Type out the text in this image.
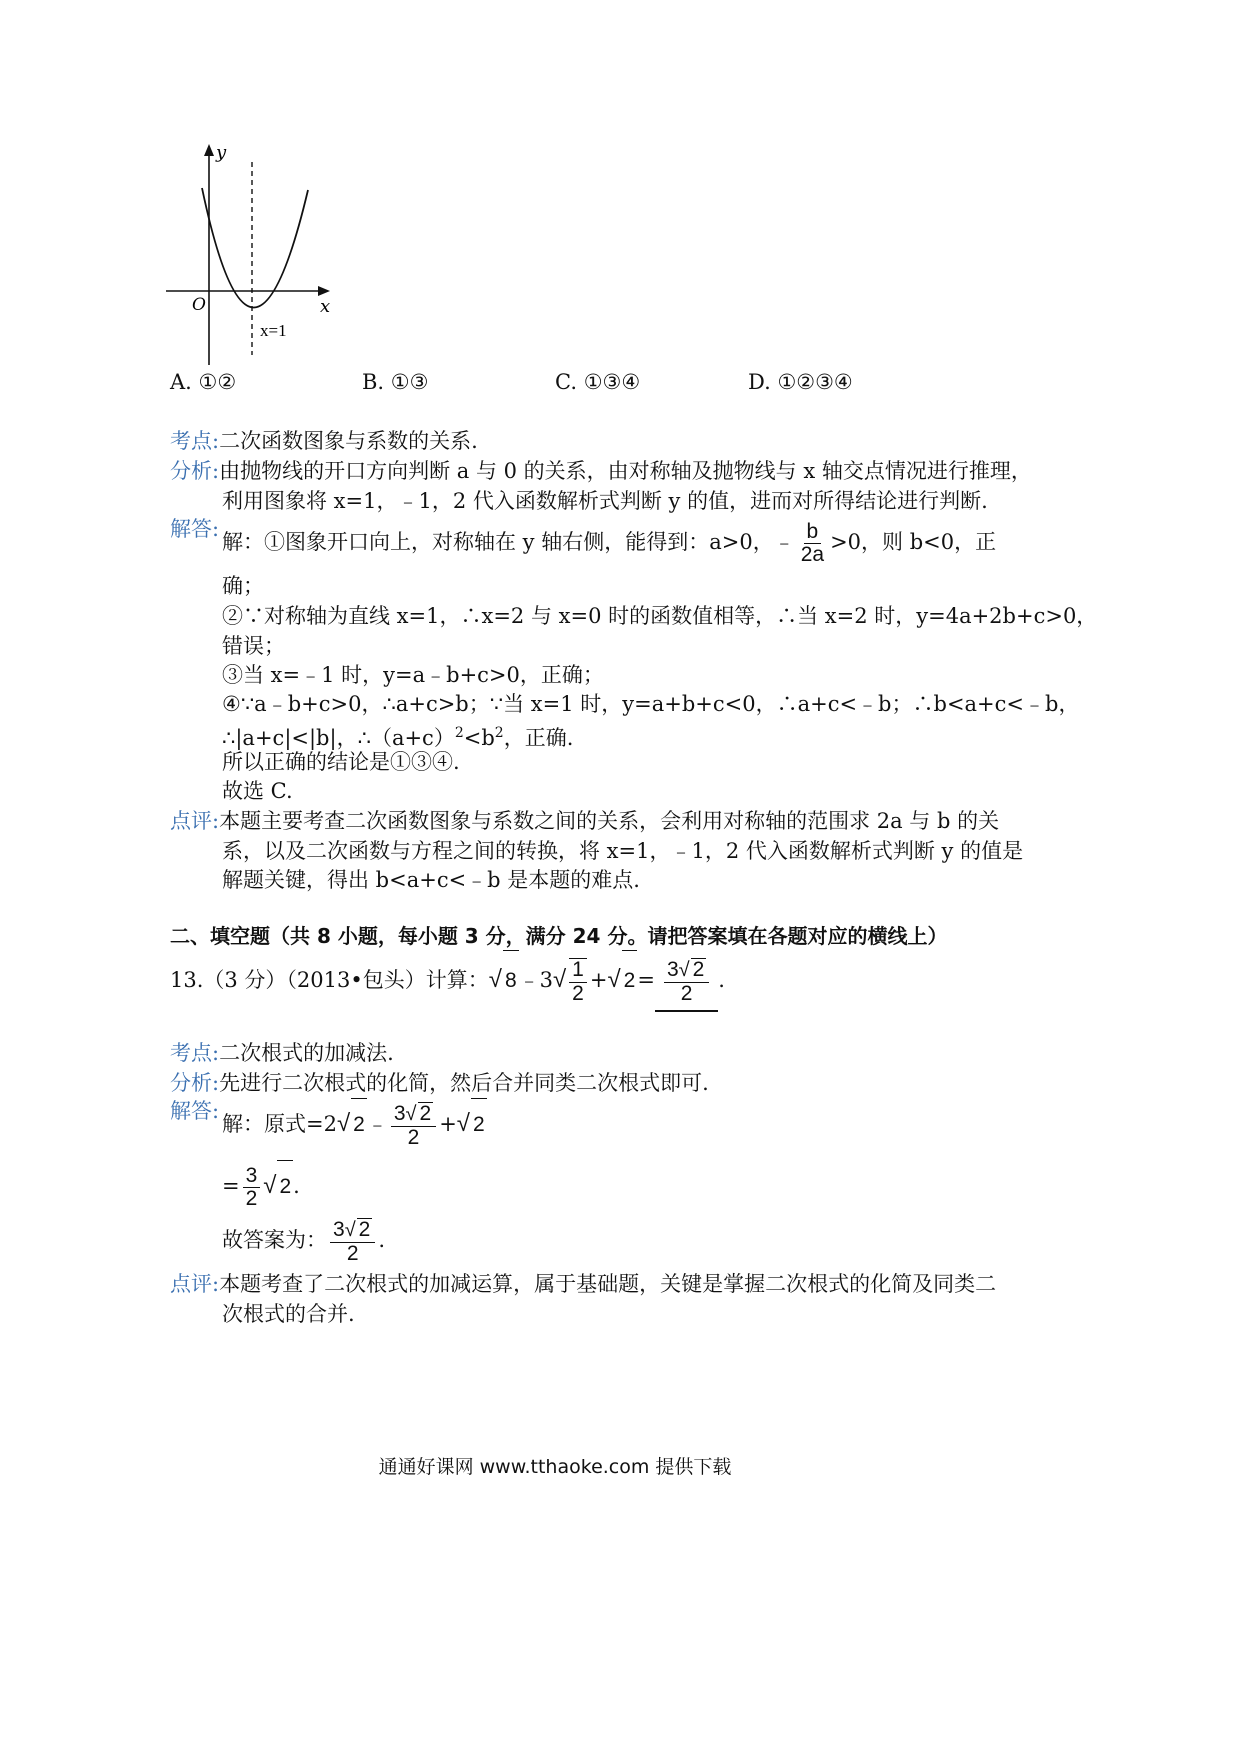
y
x
O
x=1
A. ①②	B. ①③	C. ①③④	D. ①②③④
考点:二次函数图象与系数的关系.
分析:由抛物线的开口方向判断 a 与 0 的关系，由对称轴及抛物线与 x 轴交点情况进行推理，
利用图象将 x=1，﹣1，2 代入函数解析式判断 y 的值，进而对所得结论进行判断.
解答:
解：①图象开口向上，对称轴在 y 轴右侧，能得到：a>0，﹣ $\frac{b}{2a} >0$，则 b<0，正
确；
②∵对称轴为直线 x=1，∴x=2 与 x=0 时的函数值相等，∴当 x=2 时，y=4a+2b+c>0，
错误；
③当 x=﹣1 时，y=a﹣b+c>0，正确；
④∵a﹣b+c>0，∴a+c>b；∵当 x=1 时，y=a+b+c<0，∴a+c<﹣b；∴b<a+c<﹣b，
∴|a+c|<|b|，$\therefore(a+c)^2<b^2$，正确.
所以正确的结论是①③④.
故选 C.
点评:本题主要考查二次函数图象与系数之间的关系，会利用对称轴的范围求 2a 与 b 的关
系，以及二次函数与方程之间的转换，将 x=1，﹣1，2 代入函数解析式判断 y 的值是
解题关键，得出 b<a+c<﹣b 是本题的难点.
二、填空题（共 8 小题，每小题 3 分，满分 24 分。请把答案填在各题对应的横线上）
13.（3 分）（2013•包头）计算：√ 8﹣3√ $\frac{1}{2}$ +√ $2= \frac{3√ 2}{2}$ .
考点:二次根式的加减法.
分析:先进行二次根式的化简，然后合并同类二次根式即可.
解答:
解：原式=2√ 2﹣ $\frac{3√ 2}{2}$ +√ 2
= $\frac{3}{2}$ √ 2.
故答案为： $\frac{3√ 2}{2}$ .
点评:本题考查了二次根式的加减运算，属于基础题，关键是掌握二次根式的化简及同类二
次根式的合并.
通通好课网 www.tthaoke.com 提供下载
